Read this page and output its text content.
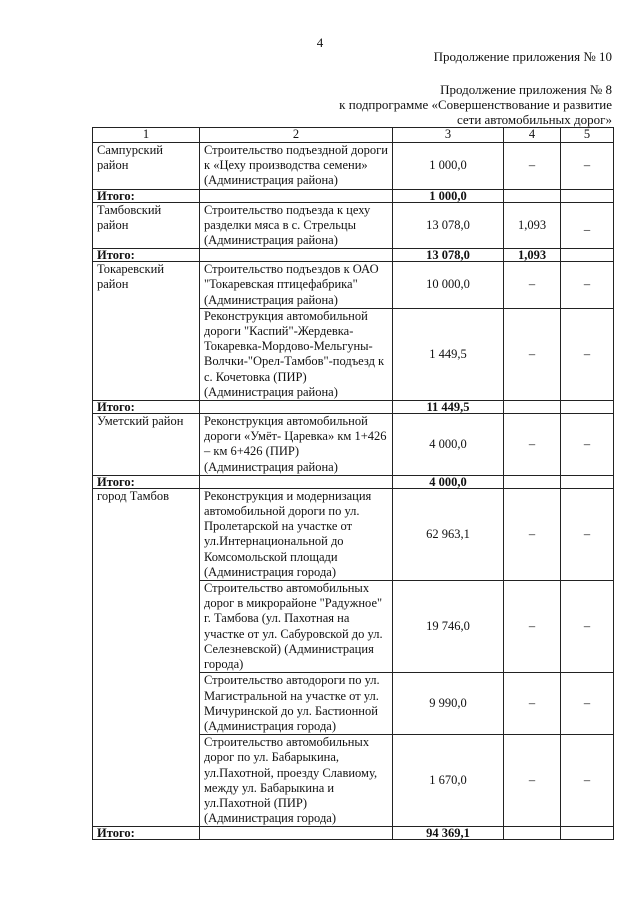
4
Продолжение приложения № 10
Продолжение приложения № 8
к подпрограмме «Совершенствование и развитие
сети автомобильных дорог»
1	2	3	4	5
Сампурский район	Строительство подъездной дороги к «Цеху производства семени» (Администрация района)	1 000,0	–	–
Итого:		1 000,0		
Тамбовский район	Строительство подъезда к цеху разделки мяса в с. Стрельцы (Администрация района)	13 078,0	1,093	_
Итого:		13 078,0	1,093	
Токаревский район	Строительство подъездов к ОАО "Токаревская птицефабрика" (Администрация района)	10 000,0	–	–
	Реконструкция автомобильной дороги "Каспий"-Жердевка-Токаревка-Мордово-Мельгуны-Волчки-"Орел-Тамбов"-подъезд к с. Кочетовка (ПИР) (Администрация района)	1 449,5	–	–
Итого:		11 449,5		
Уметский район	Реконструкция автомобильной дороги «Умёт- Царевка» км 1+426 – км 6+426 (ПИР) (Администрация района)	4 000,0	–	–
Итого:		4 000,0		
город Тамбов	Реконструкция и модернизация автомобильной дороги по ул. Пролетарской на участке от ул.Интернациональной до Комсомольской площади (Администрация города)	62 963,1	–	–
	Строительство автомобильных дорог в микрорайоне "Радужное" г. Тамбова (ул. Пахотная на участке от ул. Сабуровской до ул. Селезневской) (Администрация города)	19 746,0	–	–
	Строительство автодороги по ул. Магистральной на участке от ул. Мичуринской до ул. Бастионной (Администрация города)	9 990,0	–	–
	Строительство автомобильных дорог по ул. Бабарыкина, ул.Пахотной, проезду Славиому, между ул. Бабарыкина и ул.Пахотной (ПИР) (Администрация города)	1 670,0	–	–
Итого:		94 369,1		
